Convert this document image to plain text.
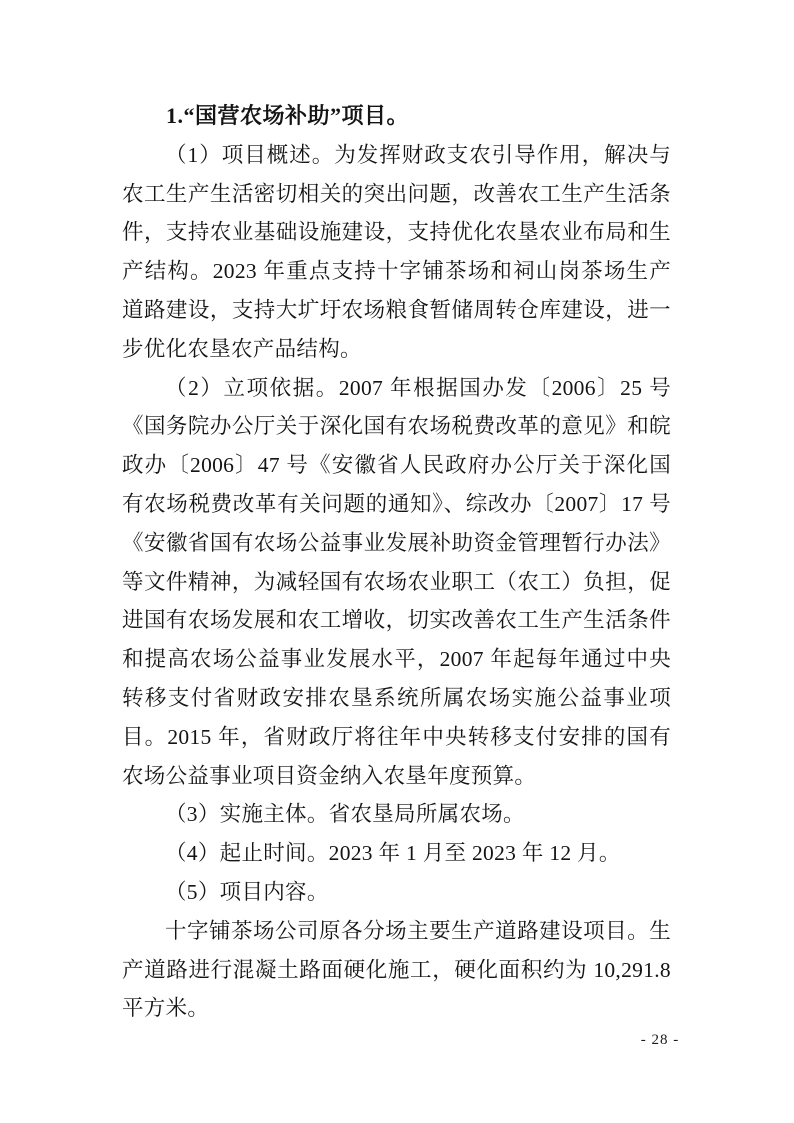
1.“国营农场补助”项目。

（1）项目概述。为发挥财政支农引导作用，解决与农工生产生活密切相关的突出问题，改善农工生产生活条件，支持农业基础设施建设，支持优化农垦农业布局和生产结构。2023 年重点支持十字铺茶场和祠山岗茶场生产道路建设，支持大圹圩农场粮食暂储周转仓库建设，进一步优化农垦农产品结构。

（2）立项依据。2007 年根据国办发〔2006〕25 号《国务院办公厅关于深化国有农场税费改革的意见》和皖政办〔2006〕47 号《安徽省人民政府办公厅关于深化国有农场税费改革有关问题的通知》、综改办〔2007〕17 号《安徽省国有农场公益事业发展补助资金管理暂行办法》等文件精神，为减轻国有农场农业职工（农工）负担，促进国有农场发展和农工增收，切实改善农工生产生活条件和提高农场公益事业发展水平，2007 年起每年通过中央转移支付省财政安排农垦系统所属农场实施公益事业项目。2015 年，省财政厅将往年中央转移支付安排的国有农场公益事业项目资金纳入农垦年度预算。

（3）实施主体。省农垦局所属农场。

（4）起止时间。2023 年 1 月至 2023 年 12 月。

（5）项目内容。

十字铺茶场公司原各分场主要生产道路建设项目。生产道路进行混凝土路面硬化施工，硬化面积约为 10,291.8 平方米。

- 28 -
